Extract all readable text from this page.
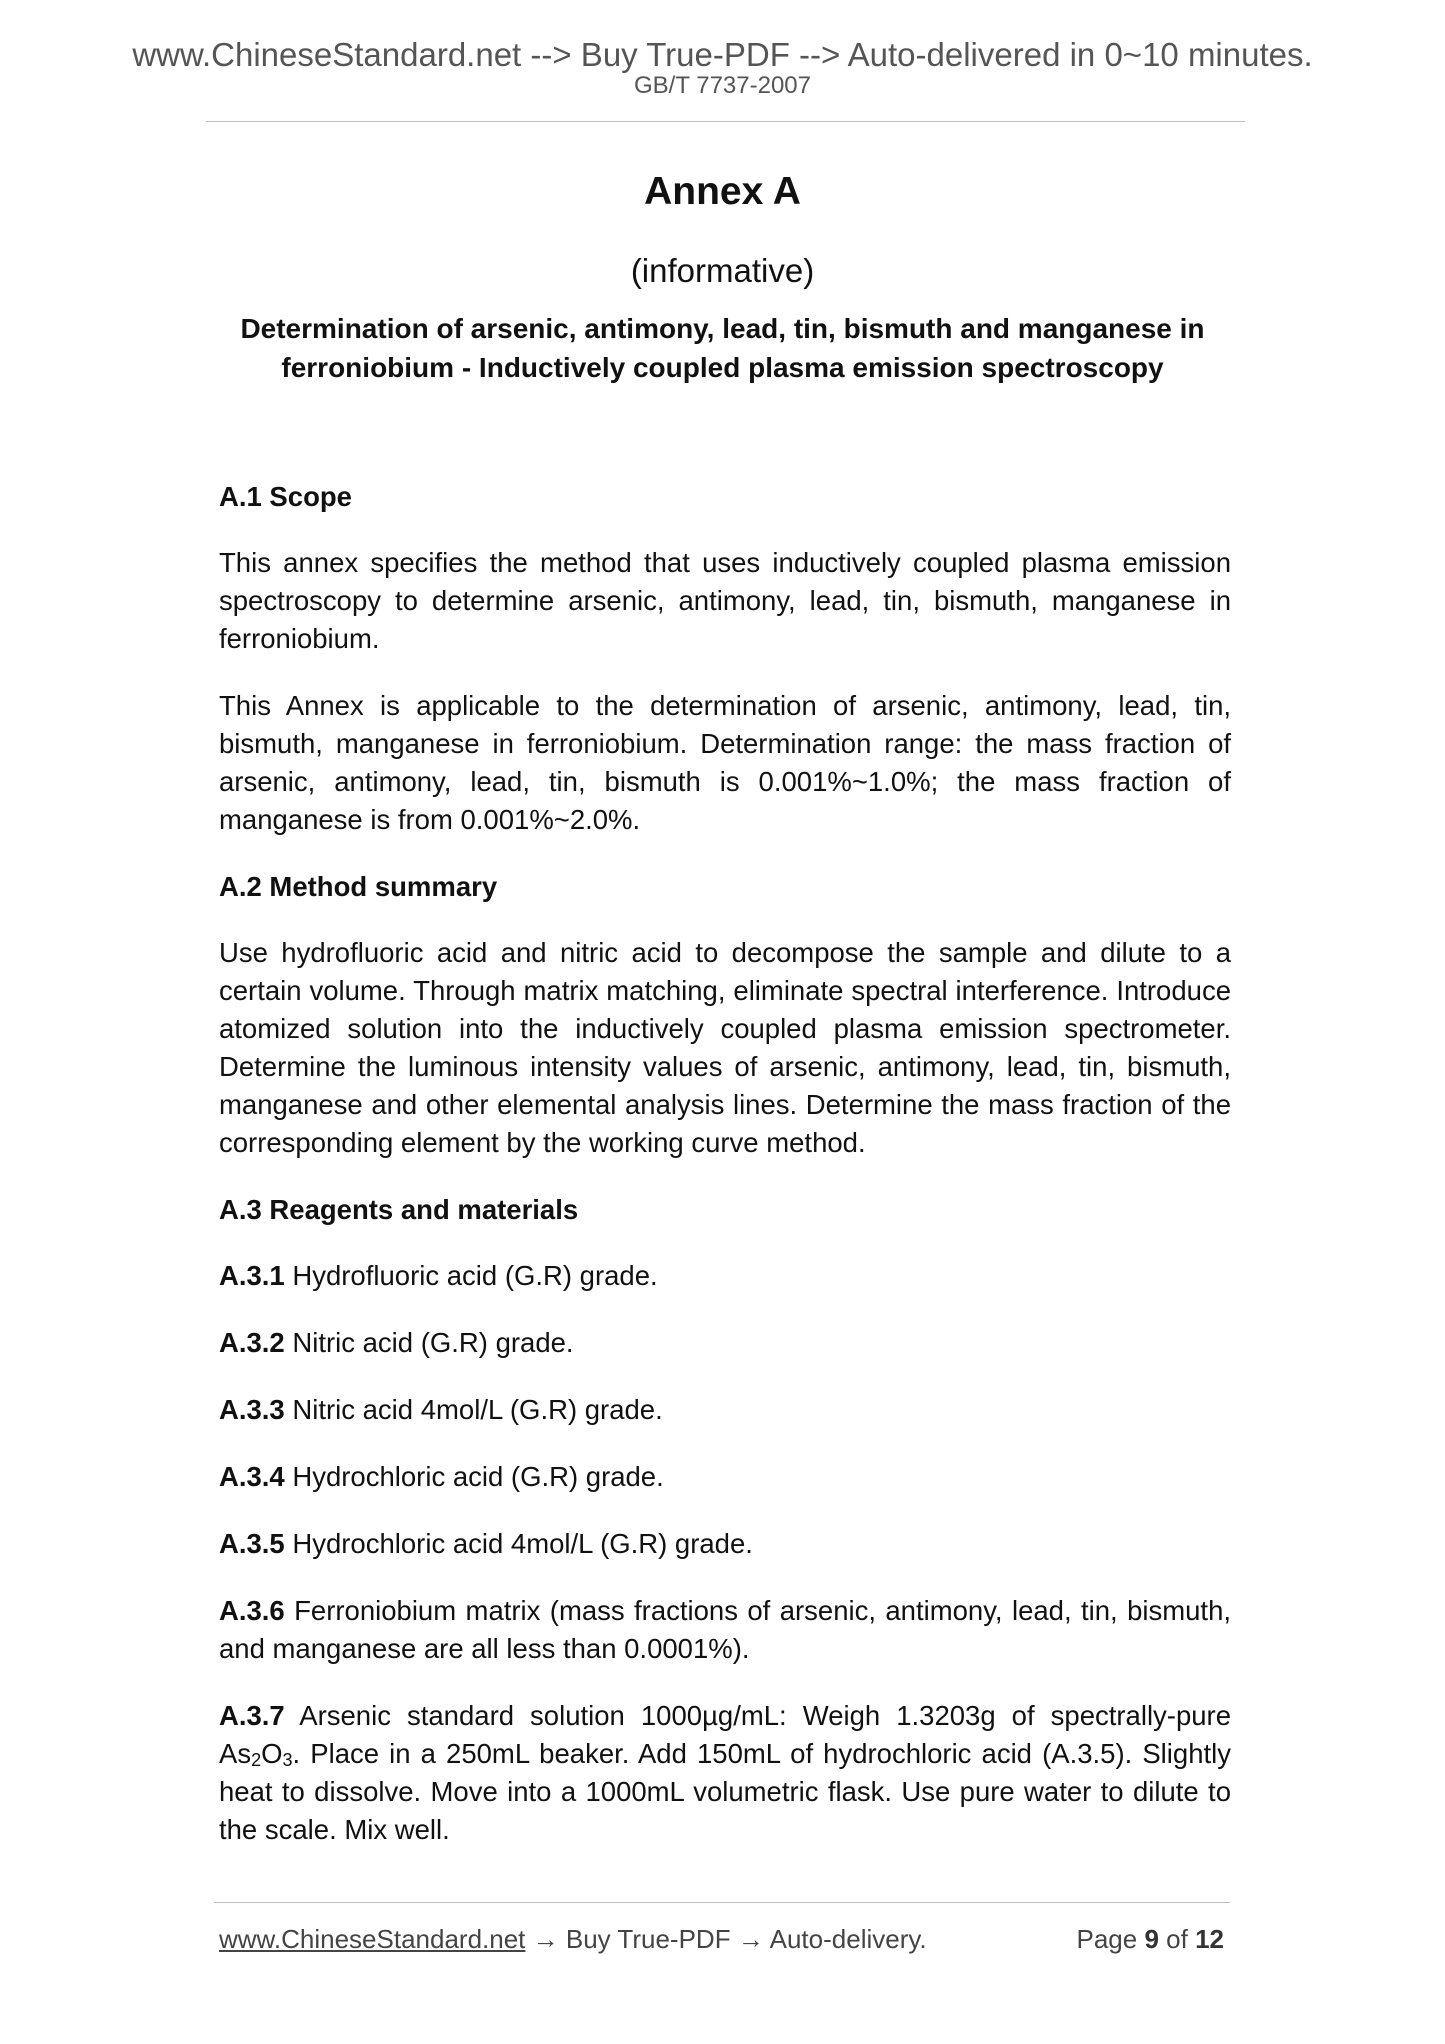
www.ChineseStandard.net --> Buy True-PDF --> Auto-delivered in 0~10 minutes.
GB/T 7737-2007
Annex A
(informative)
Determination of arsenic, antimony, lead, tin, bismuth and manganese in
ferroniobium - Inductively coupled plasma emission spectroscopy
A.1 Scope

This annex specifies the method that uses inductively coupled plasma emission spectroscopy to determine arsenic, antimony, lead, tin, bismuth, manganese in ferroniobium.

This Annex is applicable to the determination of arsenic, antimony, lead, tin, bismuth, manganese in ferroniobium. Determination range: the mass fraction of arsenic, antimony, lead, tin, bismuth is 0.001%~1.0%; the mass fraction of manganese is from 0.001%~2.0%.

A.2 Method summary

Use hydrofluoric acid and nitric acid to decompose the sample and dilute to a certain volume. Through matrix matching, eliminate spectral interference. Introduce atomized solution into the inductively coupled plasma emission spectrometer. Determine the luminous intensity values of arsenic, antimony, lead, tin, bismuth, manganese and other elemental analysis lines. Determine the mass fraction of the corresponding element by the working curve method.

A.3 Reagents and materials

A.3.1 Hydrofluoric acid (G.R) grade.

A.3.2 Nitric acid (G.R) grade.

A.3.3 Nitric acid 4mol/L (G.R) grade.

A.3.4 Hydrochloric acid (G.R) grade.

A.3.5 Hydrochloric acid 4mol/L (G.R) grade.

A.3.6 Ferroniobium matrix (mass fractions of arsenic, antimony, lead, tin, bismuth, and manganese are all less than 0.0001%).

A.3.7 Arsenic standard solution 1000µg/mL: Weigh 1.3203g of spectrally-pure $As_2O_3$. Place in a 250mL beaker. Add 150mL of hydrochloric acid (A.3.5). Slightly heat to dissolve. Move into a 1000mL volumetric flask. Use pure water to dilute to the scale. Mix well.

www.ChineseStandard.net → Buy True-PDF → Auto-delivery.	Page 9 of 12
